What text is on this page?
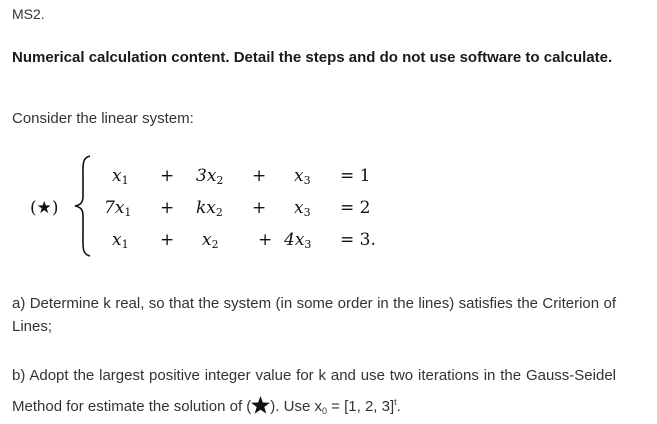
MS2.
Numerical calculation content. Detail the steps and do not use software to calculate.
Consider the linear system:
(★)
$x_1 + 3x_2 + x_3 = 1$
$7x_1 + kx_2 + x_3 = 2$
$x_1 + x_2 + 4x_3 = 3$.
a) Determine k real, so that the system (in some order in the lines) satisfies the Criterion of Lines;
b) Adopt the largest positive integer value for k and use two iterations in the Gauss-Seidel Method for estimate the solution of ( ). Use $x_0 = [1$, 2, 3]$^t$.
